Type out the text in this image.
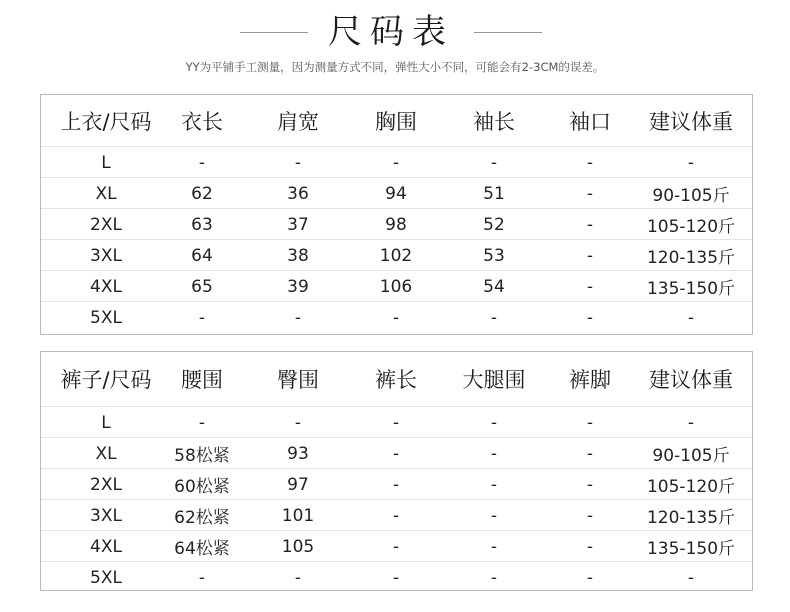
尺码表
YY为平铺手工测量，因为测量方式不同，弹性大小不同，可能会有2-3CM的误差。
上衣/尺码	衣长	肩宽	胸围	袖长	袖口	建议体重
L	-	-	-	-	-	-
XL	62	36	94	51	-	90-105斤
2XL	63	37	98	52	-	105-120斤
3XL	64	38	102	53	-	120-135斤
4XL	65	39	106	54	-	135-150斤
5XL	-	-	-	-	-	-
裤子/尺码	腰围	臀围	裤长	大腿围	裤脚	建议体重
L	-	-	-	-	-	-
XL	58松紧	93	-	-	-	90-105斤
2XL	60松紧	97	-	-	-	105-120斤
3XL	62松紧	101	-	-	-	120-135斤
4XL	64松紧	105	-	-	-	135-150斤
5XL	-	-	-	-	-	-
